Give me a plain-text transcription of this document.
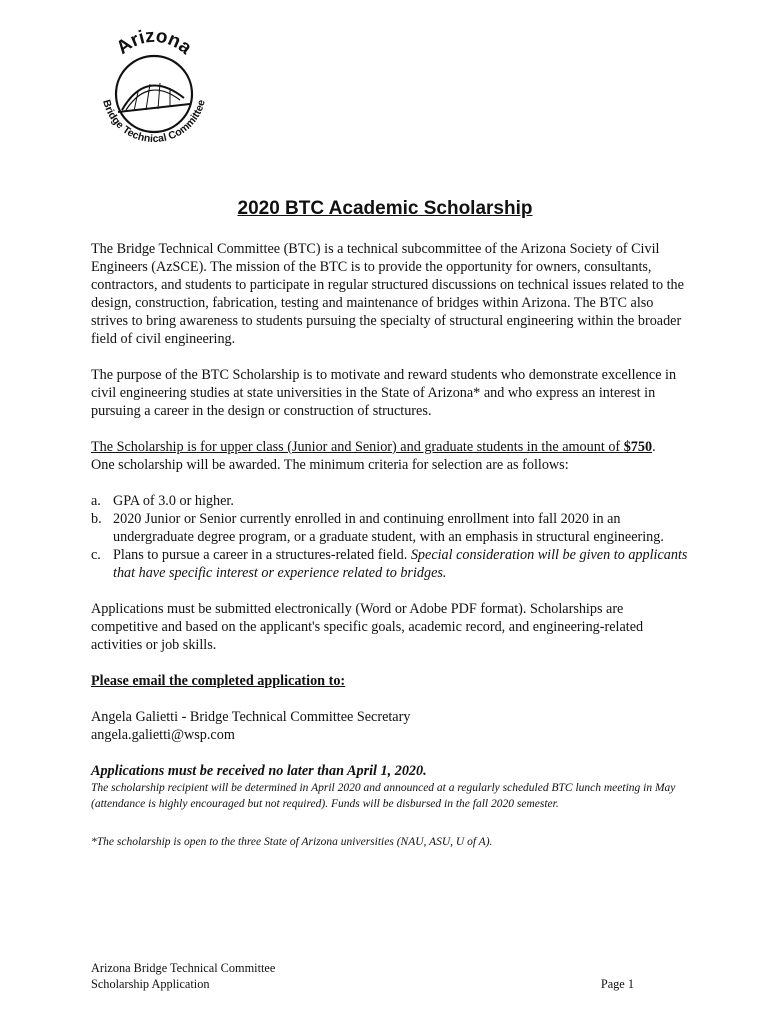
Arizona
Bridge Technical Committee
2020 BTC Academic Scholarship

The Bridge Technical Committee (BTC) is a technical subcommittee of the Arizona Society of Civil Engineers (AzSCE). The mission of the BTC is to provide the opportunity for owners, consultants, contractors, and students to participate in regular structured discussions on technical issues related to the design, construction, fabrication, testing and maintenance of bridges within Arizona. The BTC also strives to bring awareness to students pursuing the specialty of structural engineering within the broader field of civil engineering.

The purpose of the BTC Scholarship is to motivate and reward students who demonstrate excellence in civil engineering studies at state universities in the State of Arizona* and who express an interest in pursuing a career in the design or construction of structures.

The Scholarship is for upper class (Junior and Senior) and graduate students in the amount of $750.
One scholarship will be awarded. The minimum criteria for selection are as follows:

a. GPA of 3.0 or higher.
b. 2020 Junior or Senior currently enrolled in and continuing enrollment into fall 2020 in an undergraduate degree program, or a graduate student, with an emphasis in structural engineering.
c. Plans to pursue a career in a structures-related field. Special consideration will be given to applicants that have specific interest or experience related to bridges.

Applications must be submitted electronically (Word or Adobe PDF format). Scholarships are competitive and based on the applicant's specific goals, academic record, and engineering-related activities or job skills.

Please email the completed application to:

Angela Galietti - Bridge Technical Committee Secretary

angela.galietti@wsp.com

Applications must be received no later than April 1, 2020.

The scholarship recipient will be determined in April 2020 and announced at a regularly scheduled BTC lunch meeting in May (attendance is highly encouraged but not required). Funds will be disbursed in the fall 2020 semester.

*The scholarship is open to the three State of Arizona universities (NAU, ASU, U of A).

Arizona Bridge Technical Committee
Scholarship Application	Page 1
